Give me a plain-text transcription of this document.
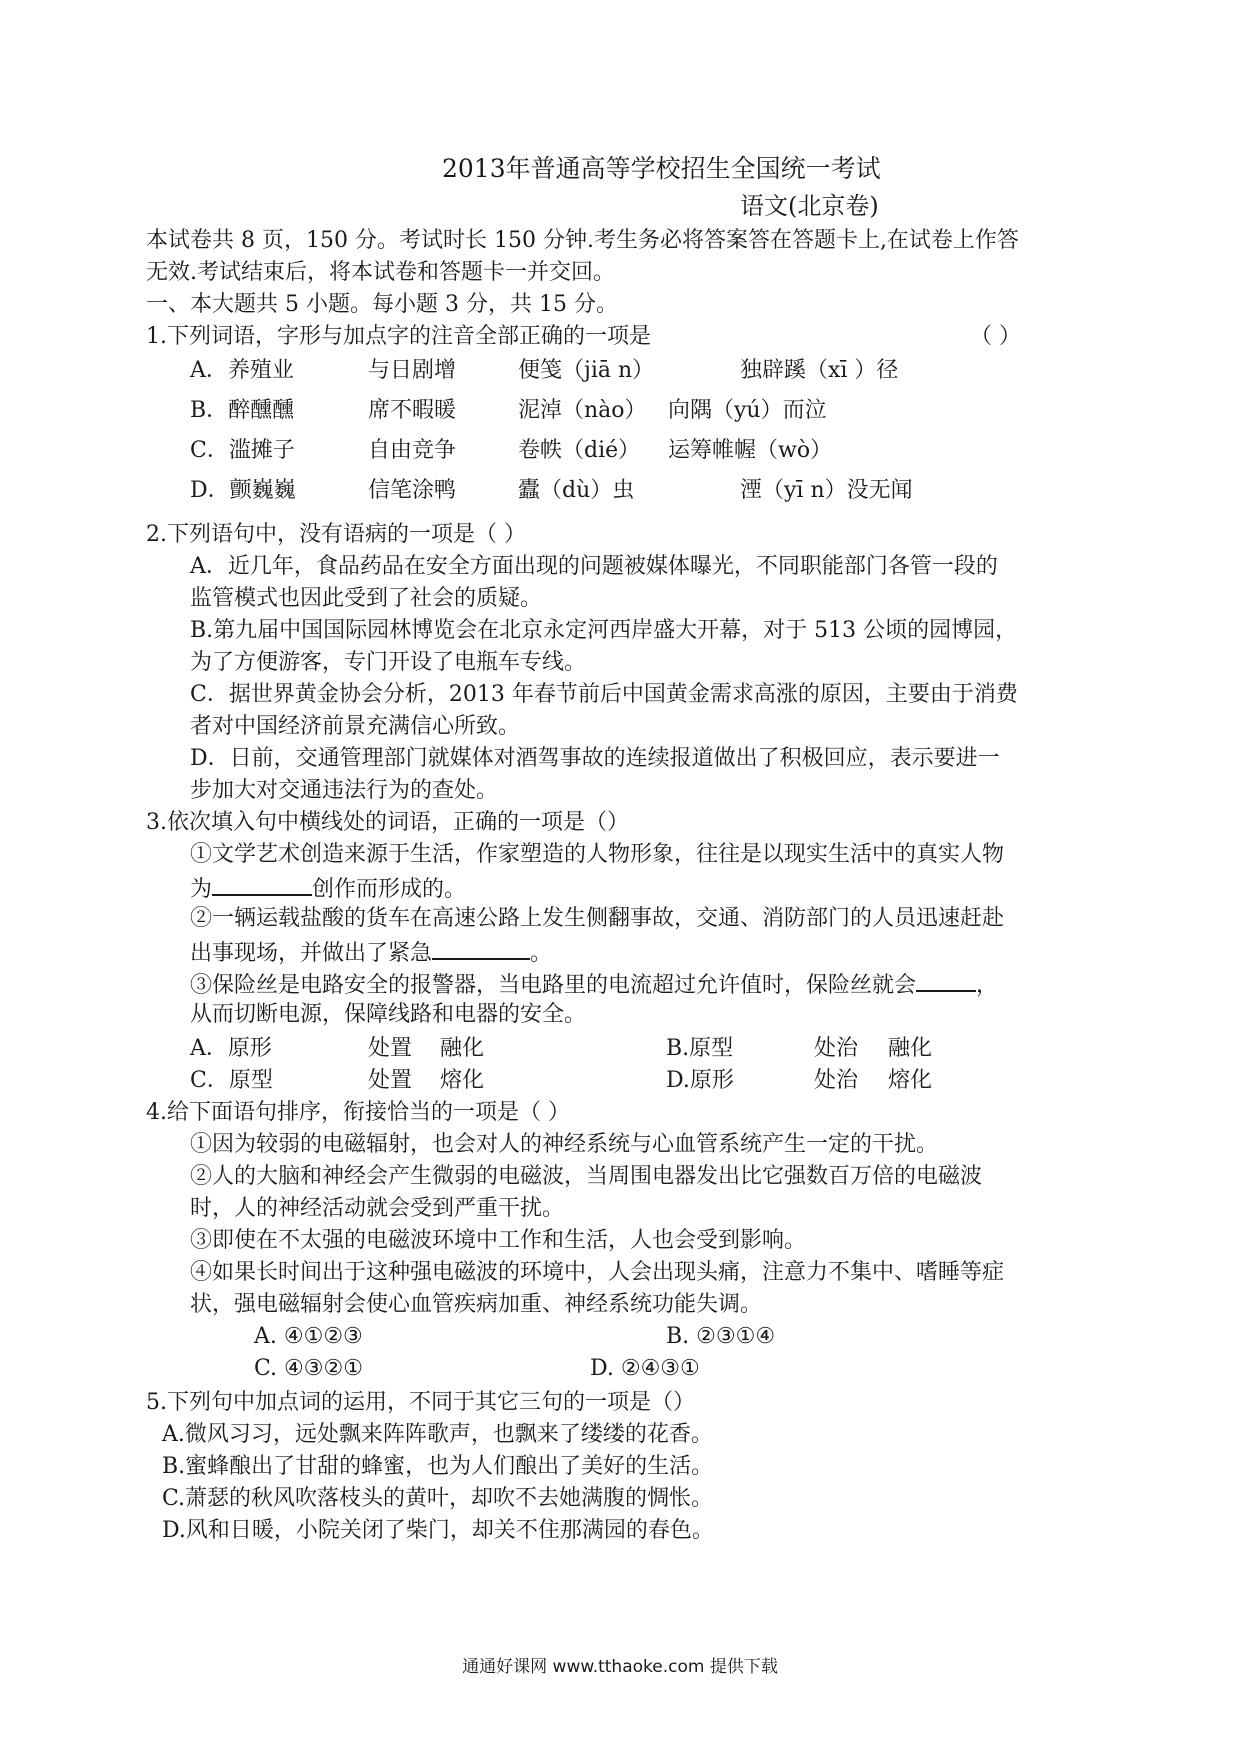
2013年普通高等学校招生全国统一考试
语文(北京卷)
本试卷共 8 页，150 分。考试时长 150 分钟.考生务必将答案答在答题卡上,在试卷上作答
无效.考试结束后，将本试卷和答题卡一并交回。
一、本大题共 5 小题。每小题 3 分，共 15 分。
1.下列词语，字形与加点字的注音全部正确的一项是	（ ）
A．养殖业	与日剧增	便笺（jiā n）	独辟蹊（xī ）径
B．醉醺醺	席不暇暖	泥淖（nào） 向隅（yú）而泣
C．滥摊子	自由竞争	卷帙（dié） 运筹帷幄（wò）
D．颤巍巍	信笔涂鸭	蠹（dù）虫	湮（yī n）没无闻
2.下列语句中，没有语病的一项是（ ）
A．近几年，食品药品在安全方面出现的问题被媒体曝光，不同职能部门各管一段的
监管模式也因此受到了社会的质疑。
B.第九届中国国际园林博览会在北京永定河西岸盛大开幕，对于 513 公顷的园博园，
为了方便游客，专门开设了电瓶车专线。
C．据世界黄金协会分析，2013 年春节前后中国黄金需求高涨的原因，主要由于消费
者对中国经济前景充满信心所致。
D．日前，交通管理部门就媒体对酒驾事故的连续报道做出了积极回应，表示要进一
步加大对交通违法行为的查处。
3.依次填入句中横线处的词语，正确的一项是（）
①文学艺术创造来源于生活，作家塑造的人物形象，往往是以现实生活中的真实人物
为	创作而形成的。
②一辆运载盐酸的货车在高速公路上发生侧翻事故，交通、消防部门的人员迅速赶赴
出事现场，并做出了紧急	。
③保险丝是电路安全的报警器，当电路里的电流超过允许值时，保险丝就会	，
从而切断电源，保障线路和电器的安全。
A．原形	处置 融化	B.原型	处治 融化
C．原型	处置 熔化	D.原形	处治 熔化
4.给下面语句排序，衔接恰当的一项是（ ）
①因为较弱的电磁辐射，也会对人的神经系统与心血管系统产生一定的干扰。
②人的大脑和神经会产生微弱的电磁波，当周围电器发出比它强数百万倍的电磁波
时，人的神经活动就会受到严重干扰。
③即使在不太强的电磁波环境中工作和生活，人也会受到影响。
④如果长时间出于这种强电磁波的环境中，人会出现头痛，注意力不集中、嗜睡等症
状，强电磁辐射会使心血管疾病加重、神经系统功能失调。
A. ④①②③	B. ②③①④
C. ④③②①	D. ②④③①
5.下列句中加点词的运用，不同于其它三句的一项是（）
A.微风习习，远处飘来阵阵歌声，也飘来了缕缕的花香。
B.蜜蜂酿出了甘甜的蜂蜜，也为人们酿出了美好的生活。
C.萧瑟的秋风吹落枝头的黄叶，却吹不去她满腹的惆怅。
D.风和日暖，小院关闭了柴门，却关不住那满园的春色。
通通好课网 www.tthaoke.com 提供下载
